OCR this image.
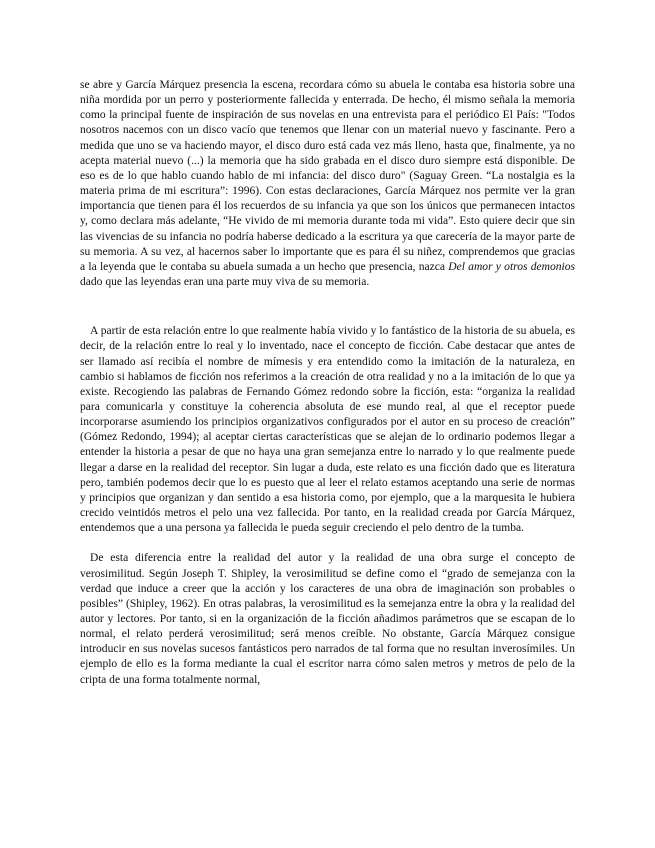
se abre y García Márquez presencia la escena, recordara cómo su abuela le contaba esa historia sobre una niña mordida por un perro y posteriormente fallecida y enterrada. De hecho, él mismo señala la memoria como la principal fuente de inspiración de sus novelas en una entrevista para el periódico El País: "Todos nosotros nacemos con un disco vacío que tenemos que llenar con un material nuevo y fascinante. Pero a medida que uno se va haciendo mayor, el disco duro está cada vez más lleno, hasta que, finalmente, ya no acepta material nuevo (...) la memoria que ha sido grabada en el disco duro siempre está disponible. De eso es de lo que hablo cuando hablo de mi infancia: del disco duro" (Saguay Green. “La nostalgia es la materia prima de mi escritura”: 1996). Con estas declaraciones, García Márquez nos permite ver la gran importancia que tienen para él los recuerdos de su infancia ya que son los únicos que permanecen intactos y, como declara más adelante, “He vivido de mi memoria durante toda mi vida”. Esto quiere decir que sin las vivencias de su infancia no podría haberse dedicado a la escritura ya que carecería de la mayor parte de su memoria. A su vez, al hacernos saber lo importante que es para él su niñez, comprendemos que gracias a la leyenda que le contaba su abuela sumada a un hecho que presencia, nazca Del amor y otros demonios dado que las leyendas eran una parte muy viva de su memoria.

A partir de esta relación entre lo que realmente había vivido y lo fantástico de la historia de su abuela, es decir, de la relación entre lo real y lo inventado, nace el concepto de ficción. Cabe destacar que antes de ser llamado así recibía el nombre de mímesis y era entendido como la imitación de la naturaleza, en cambio si hablamos de ficción nos referimos a la creación de otra realidad y no a la imitación de lo que ya existe. Recogiendo las palabras de Fernando Gómez redondo sobre la ficción, esta: “organiza la realidad para comunicarla y constituye la coherencia absoluta de ese mundo real, al que el receptor puede incorporarse asumiendo los principios organizativos configurados por el autor en su proceso de creación” (Gómez Redondo, 1994); al aceptar ciertas características que se alejan de lo ordinario podemos llegar a entender la historia a pesar de que no haya una gran semejanza entre lo narrado y lo que realmente puede llegar a darse en la realidad del receptor. Sin lugar a duda, este relato es una ficción dado que es literatura pero, también podemos decir que lo es puesto que al leer el relato estamos aceptando una serie de normas y principios que organizan y dan sentido a esa historia como, por ejemplo, que a la marquesita le hubiera crecido veintidós metros el pelo una vez fallecida. Por tanto, en la realidad creada por García Márquez, entendemos que a una persona ya fallecida le pueda seguir creciendo el pelo dentro de la tumba.

De esta diferencia entre la realidad del autor y la realidad de una obra surge el concepto de verosimilitud. Según Joseph T. Shipley, la verosimilitud se define como el “grado de semejanza con la verdad que induce a creer que la acción y los caracteres de una obra de imaginación son probables o posibles” (Shipley, 1962). En otras palabras, la verosimilitud es la semejanza entre la obra y la realidad del autor y lectores. Por tanto, si en la organización de la ficción añadimos parámetros que se escapan de lo normal, el relato perderá verosimilitud; será menos creíble. No obstante, García Márquez consigue introducir en sus novelas sucesos fantásticos pero narrados de tal forma que no resultan inverosímiles. Un ejemplo de ello es la forma mediante la cual el escritor narra cómo salen metros y metros de pelo de la cripta de una forma totalmente normal,
